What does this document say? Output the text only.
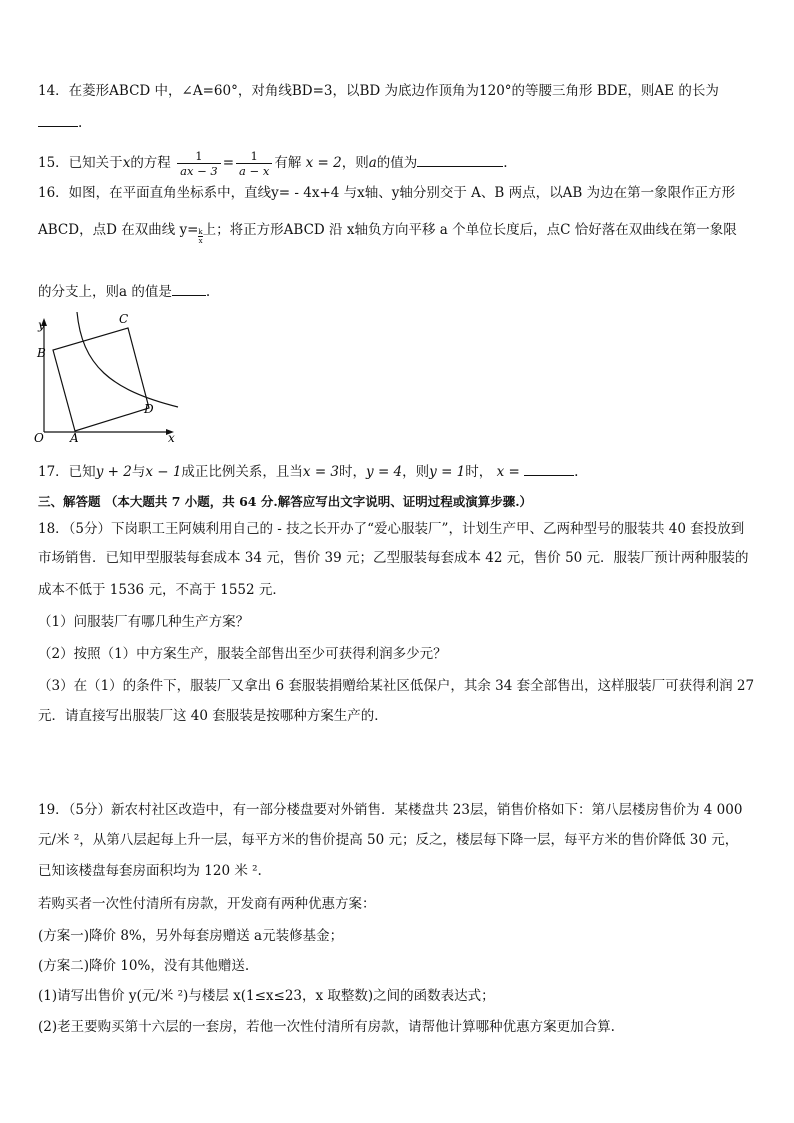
14．在菱形ABCD 中，∠A=60°，对角线BD=3，以BD 为底边作顶角为120°的等腰三角形 BDE，则AE 的长为
.
15．已知关于x的方程 $\frac{1}{ax - 3} = \frac{1}{a - x}$ 有解 x = 2，则a的值为	.
16．如图，在平面直角坐标系中，直线y= - 4x+4 与x轴、y轴分别交于 A、B 两点，以AB 为边在第一象限作正方形
ABCD，点D 在双曲线 $y= \frac{k}{x}$上；将正方形ABCD 沿 x轴负方向平移 a 个单位长度后，点C 恰好落在双曲线在第一象限
的分支上，则a 的值是	.
y
x
O A
B
C
D
17．已知y + 2与x − 1成正比例关系，且当x = 3时，y = 4，则y = 1时， x =	.
三、解答题 （本大题共 7 小题，共 64 分.解答应写出文字说明、证明过程或演算步骤.）
18．（5分）下岗职工王阿姨利用自己的 - 技之长开办了“爱心服装厂”，计划生产甲、乙两种型号的服装共 40 套投放到
市场销售．已知甲型服装每套成本 34 元，售价 39 元；乙型服装每套成本 42 元，售价 50 元．服装厂预计两种服装的
成本不低于 1536 元，不高于 1552 元．
（1）问服装厂有哪几种生产方案？
（2）按照（1）中方案生产，服装全部售出至少可获得利润多少元？
（3）在（1）的条件下，服装厂又拿出 6 套服装捐赠给某社区低保户，其余 34 套全部售出，这样服装厂可获得利润 27
元．请直接写出服装厂这 40 套服装是按哪种方案生产的．
19．（5分）新农村社区改造中，有一部分楼盘要对外销售．某楼盘共 23层，销售价格如下：第八层楼房售价为 4 000
元/米 ²，从第八层起每上升一层，每平方米的售价提高 50 元；反之，楼层每下降一层，每平方米的售价降低 30 元，
已知该楼盘每套房面积均为 120 米 ².
若购买者一次性付清所有房款，开发商有两种优惠方案：
(方案一)降价 8%，另外每套房赠送 a元装修基金；
(方案二)降价 10%，没有其他赠送.
(1)请写出售价 y(元/米 ²)与楼层 x(1≤x≤23，x 取整数)之间的函数表达式；
(2)老王要购买第十六层的一套房，若他一次性付清所有房款，请帮他计算哪种优惠方案更加合算.
